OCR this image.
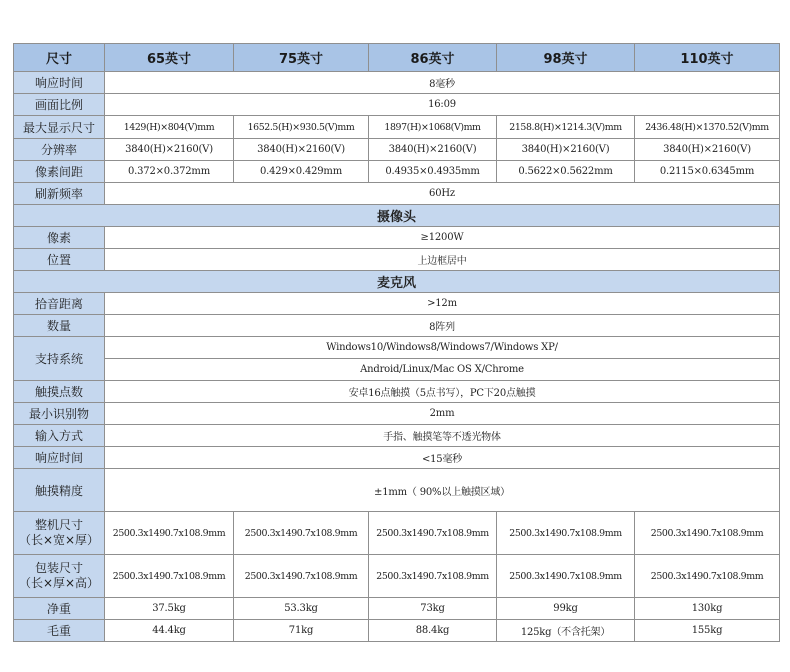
尺寸	65英寸	75英寸	86英寸	98英寸	110英寸
响应时间	8毫秒				
画面比例	16:09				
最大显示尺寸	1429(H)×804(V)mm	1652.5(H)×930.5(V)mm	1897(H)×1068(V)mm	2158.8(H)×1214.3(V)mm	2436.48(H)×1370.52(V)mm
分辨率	3840(H)×2160(V)	3840(H)×2160(V)	3840(H)×2160(V)	3840(H)×2160(V)	3840(H)×2160(V)
像素间距	0.372×0.372mm	0.429×0.429mm	0.4935×0.4935mm	0.5622×0.5622mm	0.2115×0.6345mm
刷新频率	60Hz				
摄像头					
像素	≥1200W				
位置	上边框居中				
麦克风					
拾音距离	>12m				
数量	8阵列				
支持系统	Windows10/Windows8/Windows7/Windows XP/				
	Android/Linux/Mac OS X/Chrome				
触摸点数	安卓16点触摸（5点书写），PC下20点触摸				
最小识别物	2mm				
输入方式	手指、触摸笔等不透光物体				
响应时间	<15毫秒				
触摸精度	±1mm（ 90%以上触摸区域）				

整机尺寸
（长×宽×厚）	2500.3x1490.7x108.9mm	2500.3x1490.7x108.9mm	2500.3x1490.7x108.9mm	2500.3x1490.7x108.9mm	2500.3x1490.7x108.9mm

包装尺寸
（长×厚×高）	2500.3x1490.7x108.9mm	2500.3x1490.7x108.9mm	2500.3x1490.7x108.9mm	2500.3x1490.7x108.9mm	2500.3x1490.7x108.9mm
净重	37.5kg	53.3kg	73kg	99kg	130kg
毛重	44.4kg	71kg	88.4kg	125kg（不含托架）	155kg
